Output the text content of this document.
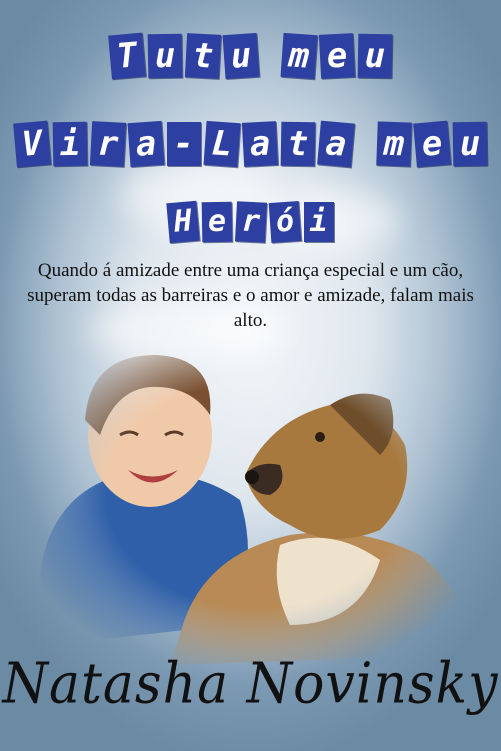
T u t u m e u
V i r a - L a t a m e u
H e r ó i

Quando á amizade entre uma criança especial e um cão, superam todas as barreiras e o amor e amizade, falam mais alto.

Natasha Novinsky
